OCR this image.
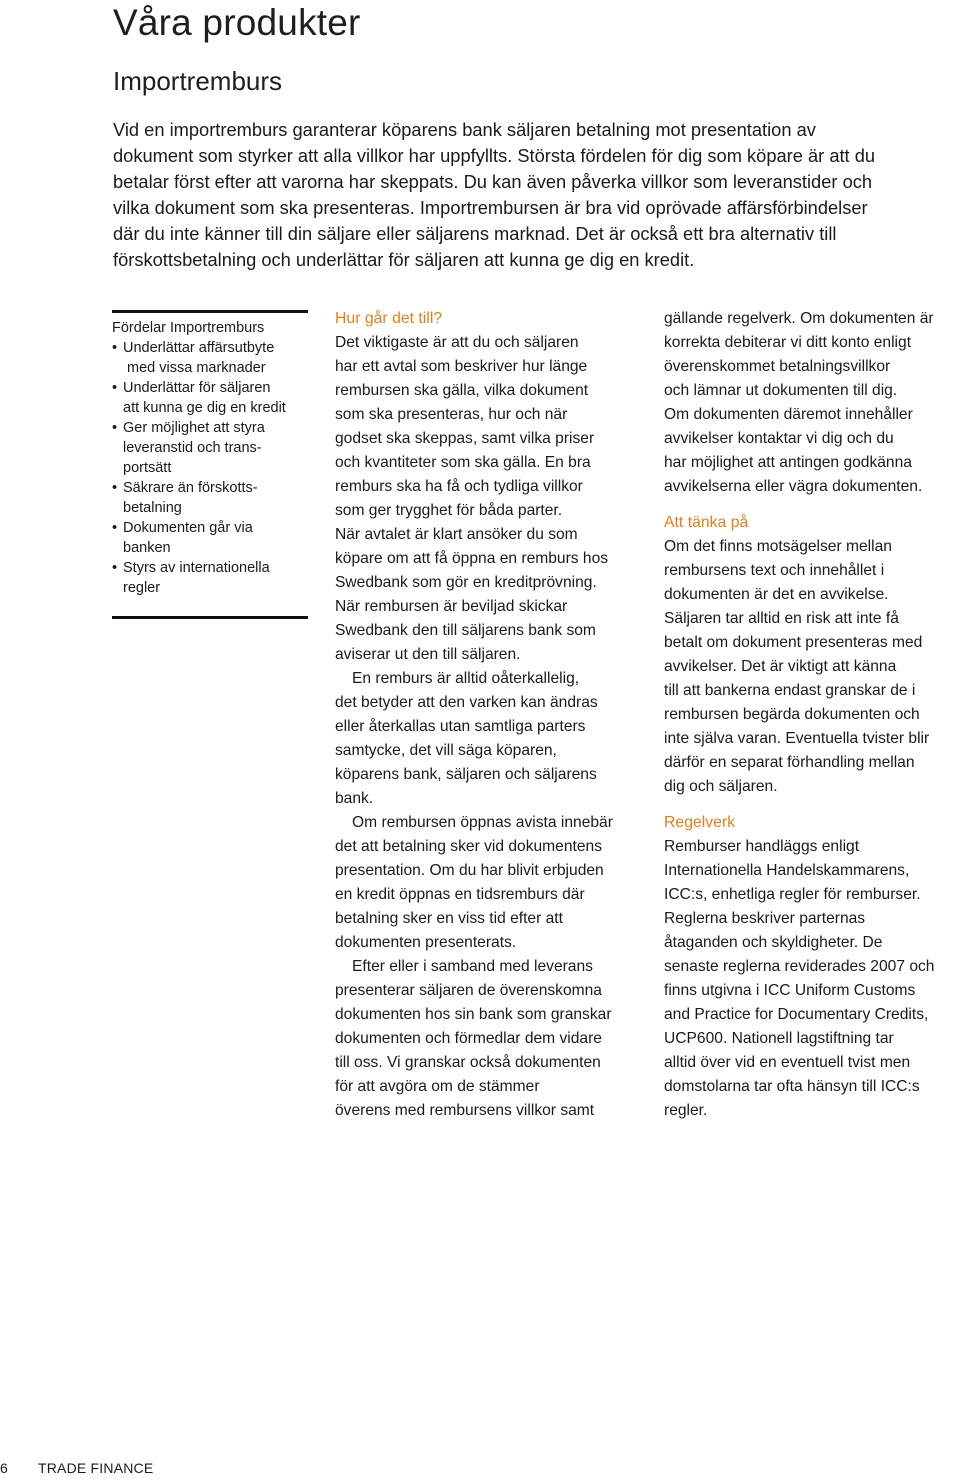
Våra produkter
Importremburs
Vid en importremburs garanterar köparens bank säljaren betalning mot presentation av
dokument som styrker att alla villkor har uppfyllts. Största fördelen för dig som köpare är att du
betalar först efter att varorna har skeppats. Du kan även påverka villkor som leveranstider och
vilka dokument som ska presenteras. Importrembursen är bra vid oprövade affärsförbindelser
där du inte känner till din säljare eller säljarens marknad. Det är också ett bra alternativ till
förskottsbetalning och underlättar för säljaren att kunna ge dig en kredit.
Fördelar Importremburs
• Underlättar affärsutbyte
med vissa marknader
• Underlättar för säljaren
att kunna ge dig en kredit
• Ger möjlighet att styra
leveranstid och trans-
portsätt
• Säkrare än förskotts-
betalning
• Dokumenten går via
banken
• Styrs av internationella
regler
Hur går det till?
Det viktigaste är att du och säljaren
har ett avtal som beskriver hur länge
rembursen ska gälla, vilka dokument
som ska presenteras, hur och när
godset ska skeppas, samt vilka priser
och kvantiteter som ska gälla. En bra
remburs ska ha få och tydliga villkor
som ger trygghet för båda parter.
När avtalet är klart ansöker du som
köpare om att få öppna en remburs hos
Swedbank som gör en kreditprövning.
När rembursen är beviljad skickar
Swedbank den till säljarens bank som
aviserar ut den till säljaren.
En remburs är alltid oåterkallelig,
det betyder att den varken kan ändras
eller återkallas utan samtliga parters
samtycke, det vill säga köparen,
köparens bank, säljaren och säljarens
bank.
Om rembursen öppnas avista innebär
det att betalning sker vid dokumentens
presentation. Om du har blivit erbjuden
en kredit öppnas en tidsremburs där
betalning sker en viss tid efter att
dokumenten presenterats.
Efter eller i samband med leverans
presenterar säljaren de överenskomna
dokumenten hos sin bank som granskar
dokumenten och förmedlar dem vidare
till oss. Vi granskar också dokumenten
för att avgöra om de stämmer
överens med rembursens villkor samt
gällande regelverk. Om dokumenten är
korrekta debiterar vi ditt konto enligt
överenskommet betalningsvillkor
och lämnar ut dokumenten till dig.
Om dokumenten däremot innehåller
avvikelser kontaktar vi dig och du
har möjlighet att antingen godkänna
avvikelserna eller vägra dokumenten.
Att tänka på
Om det finns motsägelser mellan
rembursens text och innehållet i
dokumenten är det en avvikelse.
Säljaren tar alltid en risk att inte få
betalt om dokument presenteras med
avvikelser. Det är viktigt att känna
till att bankerna endast granskar de i
rembursen begärda dokumenten och
inte själva varan. Eventuella tvister blir
därför en separat förhandling mellan
dig och säljaren.
Regelverk
Remburser handläggs enligt
Internationella Handelskammarens,
ICC:s, enhetliga regler för remburser.
Reglerna beskriver parternas
åtaganden och skyldigheter. De
senaste reglerna reviderades 2007 och
finns utgivna i ICC Uniform Customs
and Practice for Documentary Credits,
UCP600. Nationell lagstiftning tar
alltid över vid en eventuell tvist men
domstolarna tar ofta hänsyn till ICC:s
regler.
6 TRADE FINANCE
